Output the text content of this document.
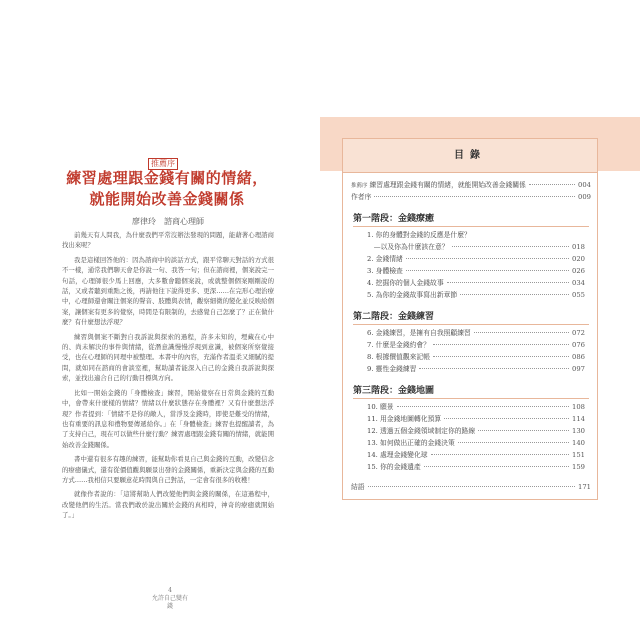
推薦序
練習處理跟金錢有關的情緒，
就能開始改善金錢關係
廖律玲　諮商心理師

前幾天有人問我，為什麼我們平常沒辦法發現的問題，能藉著心理諮商找出來呢？

我是這樣回答他的：因為諮商中的談話方式，跟平常聊天對話的方式很不一樣，通常我們聊天會是你說一句、我答一句；但在諮商裡，個案說完一句話，心理師很少馬上回應，大多數會聽個案說，或就整個個案剛剛說的話，又或者聽到重點之後，再請他往下說得更多、更深……在完形心理治療中，心理師還會關注個案的聲音、肢體與表情，觀察細微的變化並反映給個案，讓個案有更多的覺察，時間是有限制的，去感覺自己怎麼了？正在做什麼？有什麼想法浮現？

練習與個案不斷對自我訴說與探索的過程，許多未知的，埋藏在心中的、尚未解決的事件與情緒，從潛意識慢慢浮現到意識，被個案所察覺接受，也在心理師的同理中被整理。本書中的內容，充滿作者溫柔又細膩的提問，就如同在諮商的會談室裡，幫助讀者能深入自己的金錢自我訴說與探索，並找出適合自己的行動目標與方向。

比如一開始金錢的「身體檢查」練習，開始覺察在日常與金錢的互動中，會帶來什麼樣的情緒？情緒以什麼狀態存在身體裡？又有什麼想法浮現？作者提到：「情緒不是你的敵人，當淨及金錢時，即使是難受的情緒，也有重要的訊息和禮物要傳遞給你。」在「身體檢查」練習也提醒讀者，為了支持自己，現在可以做些什麼行動？練習處理跟金錢有關的情緒，就能開始改善金錢關係。

書中還有很多有趣的練習，能幫助你看見自己與金錢的互動，改變信念的療癒儀式，還有從價值觀與願景出發的金錢關係，重新決定與金錢的互動方式……我相信只要願意花時間與自己對話，一定會有很多的收穫！

就像作者說的：「這將幫助人們改變他們與金錢的關係，在這過程中，改變他們的生活。當我們敢於說出關於金錢的真相時，神奇的療癒就開始了。」

4
允許自己變有錢
目錄
推薦序 練習處理跟金錢有關的情緒，就能開始改善金錢關係	004
作者序	009
第一階段：金錢療癒
1. 你的身體對金錢的反應是什麼？
　—以及你為什麼該在意？	018
2. 金錢情緒	020
3. 身體檢查	026
4. 挖掘你的個人金錢故事	034
5. 為你的金錢故事寫出新章節	055
第二階段：金錢練習
6. 金錢練習，是擁有自我照顧練習	072
7. 什麼是金錢約會？	076
8. 根據價值觀來記帳	086
9. 靈性金錢練習	097
第三階段：金錢地圖
10. 願景	108
11. 用金錢地圖轉化預算	114
12. 透過五個金錢領域制定你的路線	130
13. 如何做出正確的金錢決策	140
14. 處理金錢變化球	151
15. 你的金錢遺產	159
結語	171
